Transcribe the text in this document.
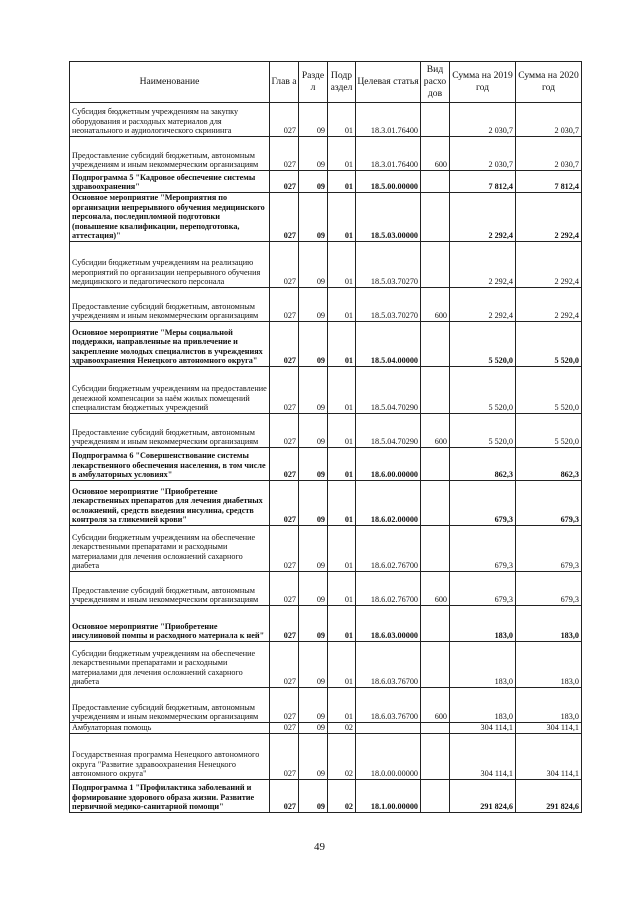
Наименование	Глав а	Разде л	Подр аздел	Целевая статья	Вид расхо дов	Сумма на 2019 год	Сумма на 2020 год
Субсидия бюджетным учреждениям на закупку оборудования и расходных материалов для неонатального и аудиологического скрининга	027	09	01	18.3.01.76400		2 030,7	2 030,7
Предоставление субсидий бюджетным, автономным учреждениям и иным некоммерческим организациям	027	09	01	18.3.01.76400	600	2 030,7	2 030,7
Подпрограмма 5 "Кадровое обеспечение системы здравоохранения"	027	09	01	18.5.00.00000		7 812,4	7 812,4
Основное мероприятие "Мероприятия по организации непрерывного обучения медицинского персонала, последипломной подготовки (повышение квалификации, переподготовка, аттестация)"	027	09	01	18.5.03.00000		2 292,4	2 292,4
Субсидии бюджетным учреждениям на реализацию мероприятий по организации непрерывного обучения медицинского и педагогического персонала	027	09	01	18.5.03.70270		2 292,4	2 292,4
Предоставление субсидий бюджетным, автономным учреждениям и иным некоммерческим организациям	027	09	01	18.5.03.70270	600	2 292,4	2 292,4
Основное мероприятие "Меры социальной поддержки, направленные на привлечение и закрепление молодых специалистов в учреждениях здравоохранения Ненецкого автономного округа"	027	09	01	18.5.04.00000		5 520,0	5 520,0
Субсидии бюджетным учреждениям на предоставление денежной компенсации за наём жилых помещений специалистам бюджетных учреждений	027	09	01	18.5.04.70290		5 520,0	5 520,0
Предоставление субсидий бюджетным, автономным учреждениям и иным некоммерческим организациям	027	09	01	18.5.04.70290	600	5 520,0	5 520,0
Подпрограмма 6 "Совершенствование системы лекарственного обеспечения населения, в том числе в амбулаторных условиях"	027	09	01	18.6.00.00000		862,3	862,3
Основное мероприятие "Приобретение лекарственных препаратов для лечения диабетных осложнений, средств введения инсулина, средств контроля за гликемией крови"	027	09	01	18.6.02.00000		679,3	679,3
Субсидии бюджетным учреждениям на обеспечение лекарственными препаратами и расходными материалами для лечения осложнений сахарного диабета	027	09	01	18.6.02.76700		679,3	679,3
Предоставление субсидий бюджетным, автономным учреждениям и иным некоммерческим организациям	027	09	01	18.6.02.76700	600	679,3	679,3
Основное мероприятие "Приобретение инсулиновой помпы и расходного материала к ней"	027	09	01	18.6.03.00000		183,0	183,0
Субсидии бюджетным учреждениям на обеспечение лекарственными препаратами и расходными материалами для лечения осложнений сахарного диабета	027	09	01	18.6.03.76700		183,0	183,0
Предоставление субсидий бюджетным, автономным учреждениям и иным некоммерческим организациям	027	09	01	18.6.03.76700	600	183,0	183,0
Амбулаторная помощь	027	09	02			304 114,1	304 114,1
Государственная программа Ненецкого автономного округа "Развитие здравоохранения Ненецкого автономного округа"	027	09	02	18.0.00.00000		304 114,1	304 114,1
Подпрограмма 1 "Профилактика заболеваний и формирование здорового образа жизни. Развитие первичной медико-санитарной помощи"	027	09	02	18.1.00.00000		291 824,6	291 824,6
49
